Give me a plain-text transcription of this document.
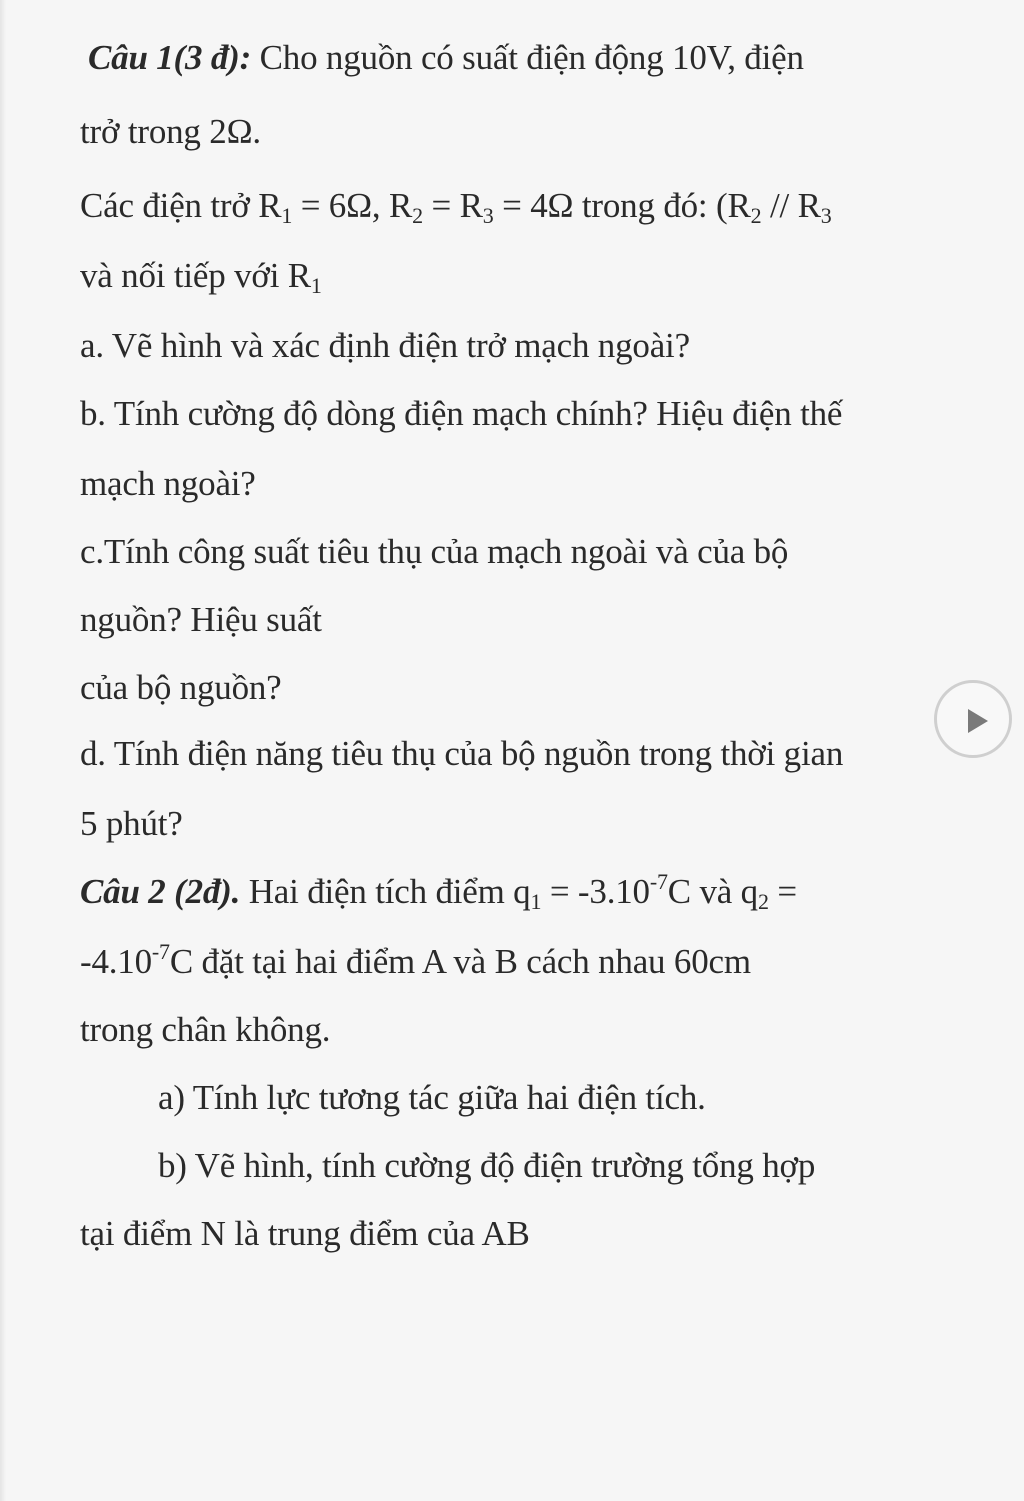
Câu 1(3 đ): Cho nguồn có suất điện động 10V, điện
trở trong 2Ω.
Các điện trở $R_1 = 6\Omega$, $R_2 = R_3 = 4\Omega$ trong đó: ($R_2 // R_3$
và nối tiếp với $R_1$
a. Vẽ hình và xác định điện trở mạch ngoài?
b. Tính cường độ dòng điện mạch chính? Hiệu điện thế
mạch ngoài?
c.Tính công suất tiêu thụ của mạch ngoài và của bộ
nguồn? Hiệu suất
của bộ nguồn?
d. Tính điện năng tiêu thụ của bộ nguồn trong thời gian
5 phút?
Câu 2 (2đ). Hai điện tích điểm $q_1 = -3.10^{-7}C$ và $q_2$ =
$-4.10^{-7}C$ đặt tại hai điểm A và B cách nhau 60cm
trong chân không.
a) Tính lực tương tác giữa hai điện tích.
b) Vẽ hình, tính cường độ điện trường tổng hợp
tại điểm N là trung điểm của AB
